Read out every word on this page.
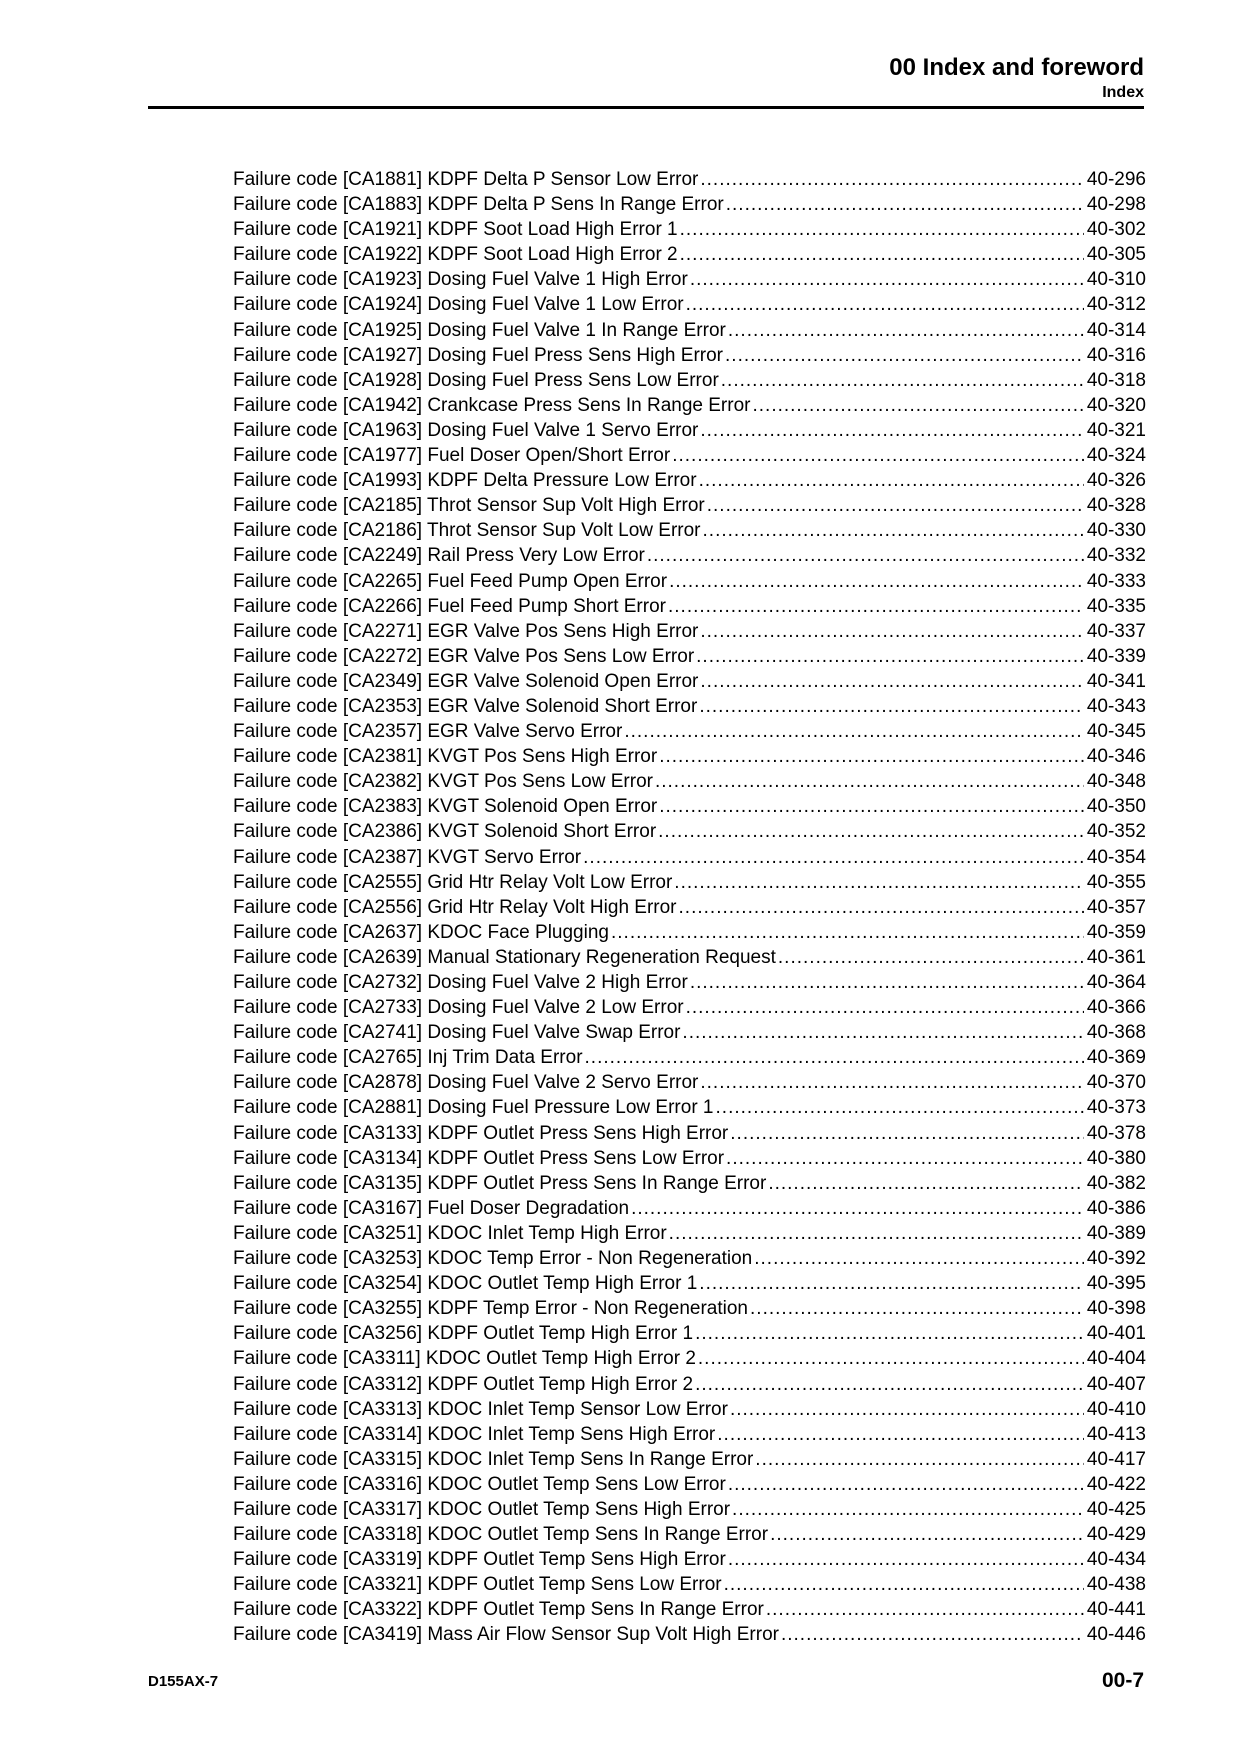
00 Index and foreword
Index
Failure code [CA1881] KDPF Delta P Sensor Low Error .....	40-296
Failure code [CA1883] KDPF Delta P Sens In Range Error .....	40-298
Failure code [CA1921] KDPF Soot Load High Error 1 .....	40-302
Failure code [CA1922] KDPF Soot Load High Error 2 .....	40-305
Failure code [CA1923] Dosing Fuel Valve 1 High Error .....	40-310
Failure code [CA1924] Dosing Fuel Valve 1 Low Error .....	40-312
Failure code [CA1925] Dosing Fuel Valve 1 In Range Error .....	40-314
Failure code [CA1927] Dosing Fuel Press Sens High Error .....	40-316
Failure code [CA1928] Dosing Fuel Press Sens Low Error .....	40-318
Failure code [CA1942] Crankcase Press Sens In Range Error .....	40-320
Failure code [CA1963] Dosing Fuel Valve 1 Servo Error .....	40-321
Failure code [CA1977] Fuel Doser Open/Short Error .....	40-324
Failure code [CA1993] KDPF Delta Pressure Low Error .....	40-326
Failure code [CA2185] Throt Sensor Sup Volt High Error .....	40-328
Failure code [CA2186] Throt Sensor Sup Volt Low Error .....	40-330
Failure code [CA2249] Rail Press Very Low Error .....	40-332
Failure code [CA2265] Fuel Feed Pump Open Error .....	40-333
Failure code [CA2266] Fuel Feed Pump Short Error .....	40-335
Failure code [CA2271] EGR Valve Pos Sens High Error .....	40-337
Failure code [CA2272] EGR Valve Pos Sens Low Error .....	40-339
Failure code [CA2349] EGR Valve Solenoid Open Error .....	40-341
Failure code [CA2353] EGR Valve Solenoid Short Error .....	40-343
Failure code [CA2357] EGR Valve Servo Error .....	40-345
Failure code [CA2381] KVGT Pos Sens High Error .....	40-346
Failure code [CA2382] KVGT Pos Sens Low Error .....	40-348
Failure code [CA2383] KVGT Solenoid Open Error .....	40-350
Failure code [CA2386] KVGT Solenoid Short Error .....	40-352
Failure code [CA2387] KVGT Servo Error .....	40-354
Failure code [CA2555] Grid Htr Relay Volt Low Error .....	40-355
Failure code [CA2556] Grid Htr Relay Volt High Error .....	40-357
Failure code [CA2637] KDOC Face Plugging .....	40-359
Failure code [CA2639] Manual Stationary Regeneration Request .....	40-361
Failure code [CA2732] Dosing Fuel Valve 2 High Error .....	40-364
Failure code [CA2733] Dosing Fuel Valve 2 Low Error .....	40-366
Failure code [CA2741] Dosing Fuel Valve Swap Error .....	40-368
Failure code [CA2765] Inj Trim Data Error .....	40-369
Failure code [CA2878] Dosing Fuel Valve 2 Servo Error .....	40-370
Failure code [CA2881] Dosing Fuel Pressure Low Error 1 .....	40-373
Failure code [CA3133] KDPF Outlet Press Sens High Error .....	40-378
Failure code [CA3134] KDPF Outlet Press Sens Low Error .....	40-380
Failure code [CA3135] KDPF Outlet Press Sens In Range Error .....	40-382
Failure code [CA3167] Fuel Doser Degradation .....	40-386
Failure code [CA3251] KDOC Inlet Temp High Error .....	40-389
Failure code [CA3253] KDOC Temp Error - Non Regeneration .....	40-392
Failure code [CA3254] KDOC Outlet Temp High Error 1 .....	40-395
Failure code [CA3255] KDPF Temp Error - Non Regeneration .....	40-398
Failure code [CA3256] KDPF Outlet Temp High Error 1 .....	40-401
Failure code [CA3311] KDOC Outlet Temp High Error 2 .....	40-404
Failure code [CA3312] KDPF Outlet Temp High Error 2 .....	40-407
Failure code [CA3313] KDOC Inlet Temp Sensor Low Error .....	40-410
Failure code [CA3314] KDOC Inlet Temp Sens High Error .....	40-413
Failure code [CA3315] KDOC Inlet Temp Sens In Range Error .....	40-417
Failure code [CA3316] KDOC Outlet Temp Sens Low Error .....	40-422
Failure code [CA3317] KDOC Outlet Temp Sens High Error .....	40-425
Failure code [CA3318] KDOC Outlet Temp Sens In Range Error .....	40-429
Failure code [CA3319] KDPF Outlet Temp Sens High Error .....	40-434
Failure code [CA3321] KDPF Outlet Temp Sens Low Error .....	40-438
Failure code [CA3322] KDPF Outlet Temp Sens In Range Error .....	40-441
Failure code [CA3419] Mass Air Flow Sensor Sup Volt High Error .....	40-446
D155AX-7	00-7
